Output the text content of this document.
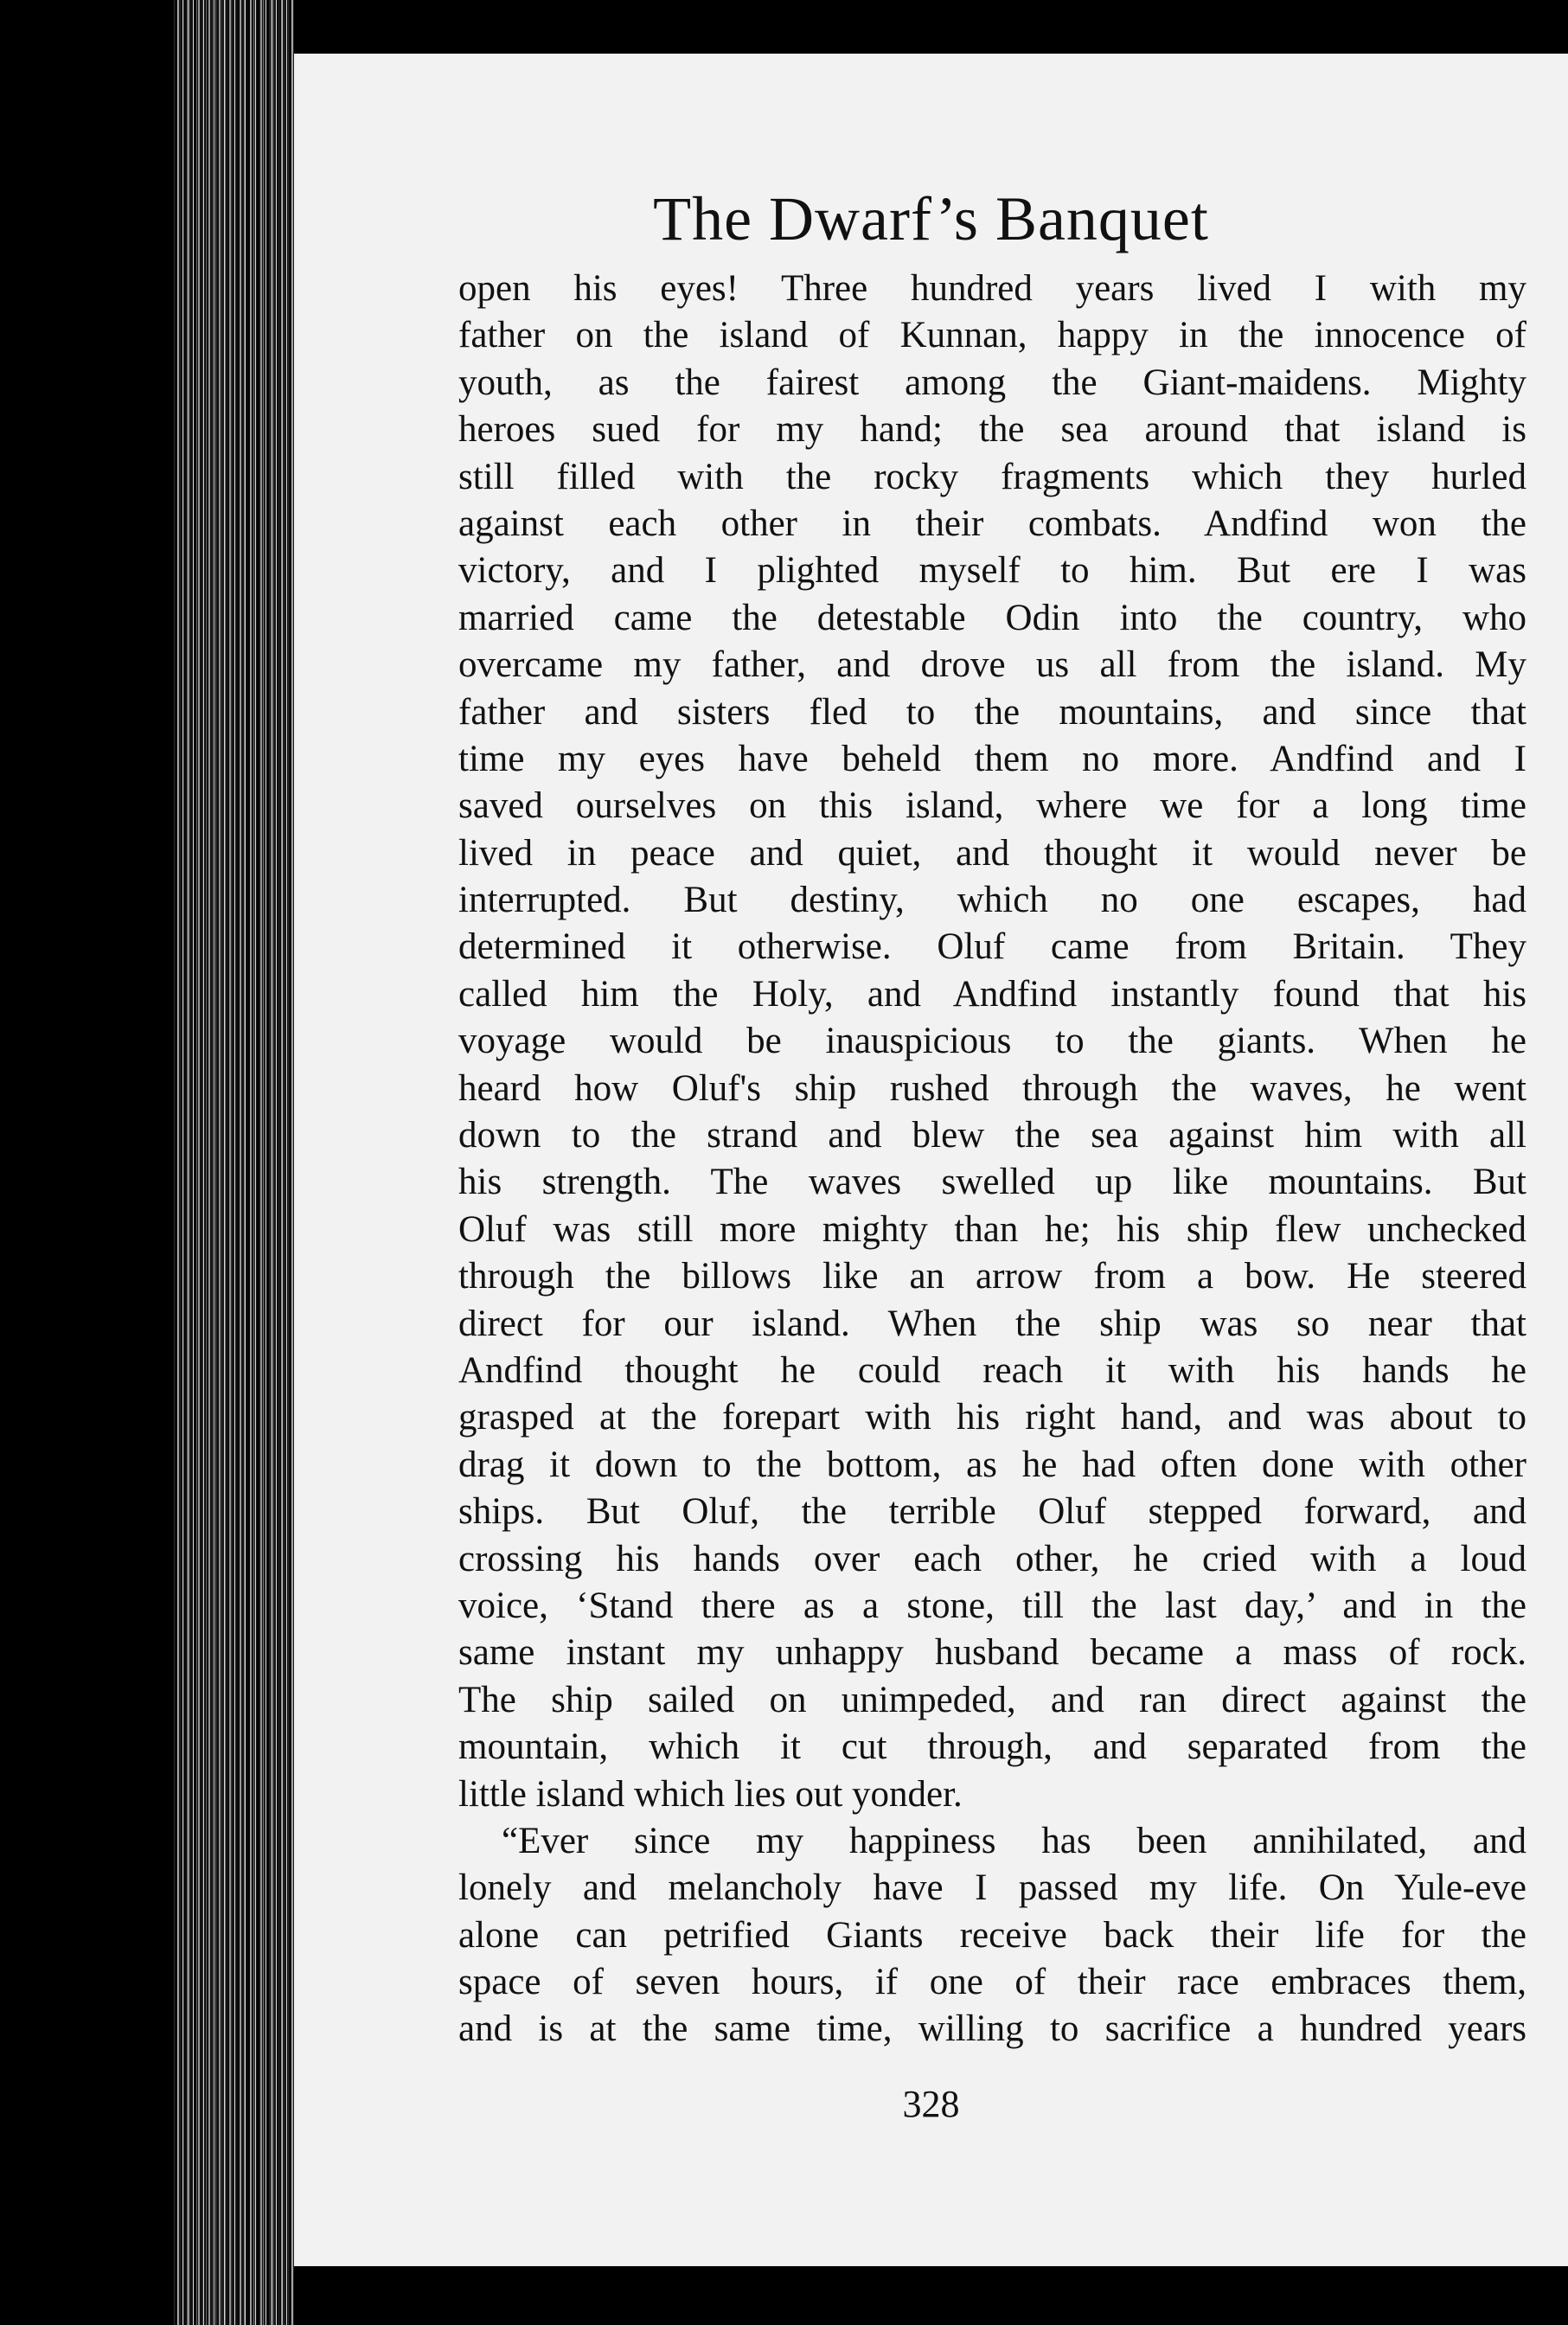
The Dwarf’s Banquet
open his eyes! Three hundred years lived I with my
father on the island of Kunnan, happy in the innocence of
youth, as the fairest among the Giant-maidens. Mighty
heroes sued for my hand; the sea around that island is
still filled with the rocky fragments which they hurled
against each other in their combats. Andfind won the
victory, and I plighted myself to him. But ere I was
married came the detestable Odin into the country, who
overcame my father, and drove us all from the island. My
father and sisters fled to the mountains, and since that
time my eyes have beheld them no more. Andfind and I
saved ourselves on this island, where we for a long time
lived in peace and quiet, and thought it would never be
interrupted. But destiny, which no one escapes, had
determined it otherwise. Oluf came from Britain. They
called him the Holy, and Andfind instantly found that his
voyage would be inauspicious to the giants. When he
heard how Oluf's ship rushed through the waves, he went
down to the strand and blew the sea against him with all
his strength. The waves swelled up like mountains. But
Oluf was still more mighty than he; his ship flew unchecked
through the billows like an arrow from a bow. He steered
direct for our island. When the ship was so near that
Andfind thought he could reach it with his hands he
grasped at the forepart with his right hand, and was about to
drag it down to the bottom, as he had often done with other
ships. But Oluf, the terrible Oluf stepped forward, and
crossing his hands over each other, he cried with a loud
voice, ‘Stand there as a stone, till the last day,’ and in the
same instant my unhappy husband became a mass of rock.
The ship sailed on unimpeded, and ran direct against the
mountain, which it cut through, and separated from the
little island which lies out yonder.
“Ever since my happiness has been annihilated, and
lonely and melancholy have I passed my life. On Yule-eve
alone can petrified Giants receive back their life for the
space of seven hours, if one of their race embraces them,
and is at the same time, willing to sacrifice a hundred years
328
